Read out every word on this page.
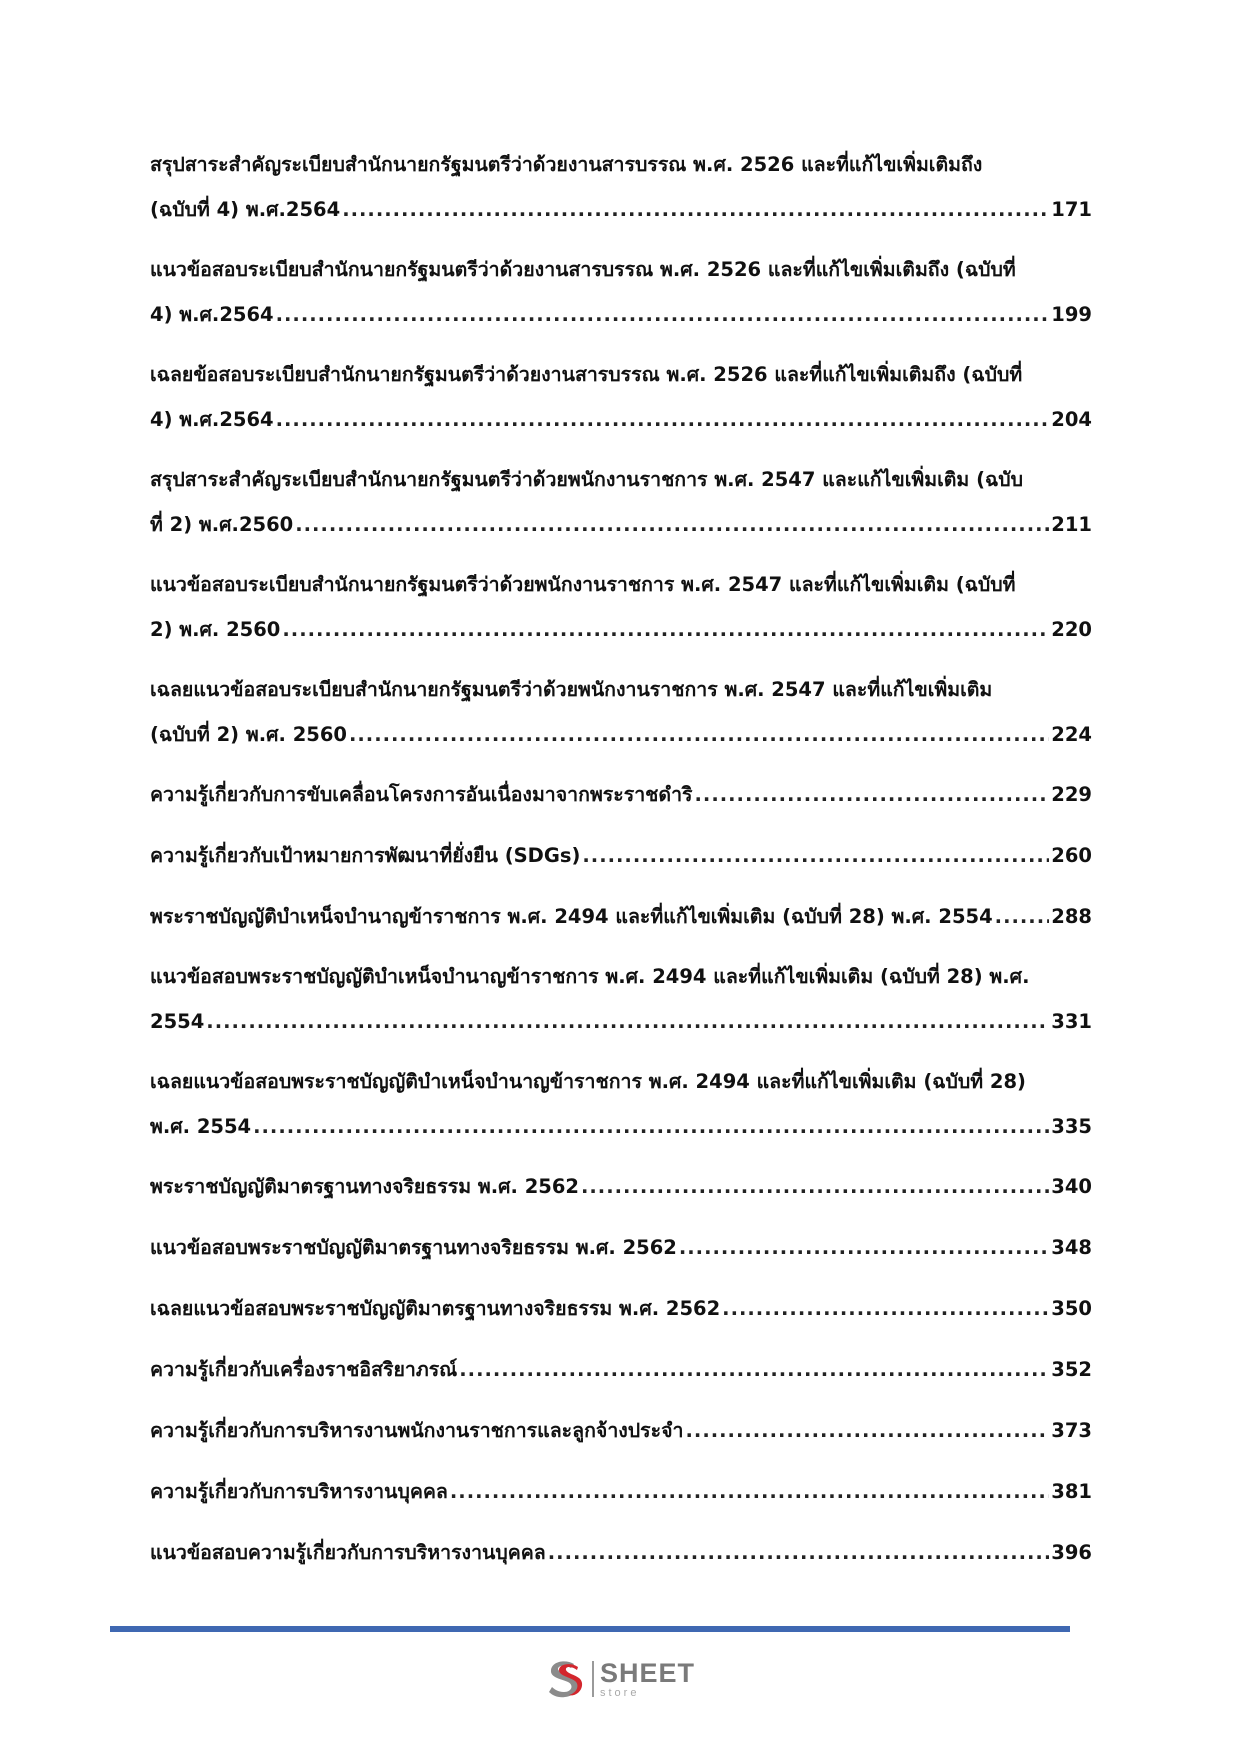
สรุปสาระสำคัญระเบียบสำนักนายกรัฐมนตรีว่าด้วยงานสารบรรณ พ.ศ. 2526 และที่แก้ไขเพิ่มเติมถึง
(ฉบับที่ 4) พ.ศ.2564 .....	171
แนวข้อสอบระเบียบสำนักนายกรัฐมนตรีว่าด้วยงานสารบรรณ พ.ศ. 2526 และที่แก้ไขเพิ่มเติมถึง (ฉบับที่
4) พ.ศ.2564 .....	199
เฉลยข้อสอบระเบียบสำนักนายกรัฐมนตรีว่าด้วยงานสารบรรณ พ.ศ. 2526 และที่แก้ไขเพิ่มเติมถึง (ฉบับที่
4) พ.ศ.2564 .....	204
สรุปสาระสำคัญระเบียบสำนักนายกรัฐมนตรีว่าด้วยพนักงานราชการ พ.ศ. 2547 และแก้ไขเพิ่มเติม (ฉบับ
ที่ 2) พ.ศ.2560 .....	211
แนวข้อสอบระเบียบสำนักนายกรัฐมนตรีว่าด้วยพนักงานราชการ พ.ศ. 2547 และที่แก้ไขเพิ่มเติม (ฉบับที่
2) พ.ศ. 2560 .....	220
เฉลยแนวข้อสอบระเบียบสำนักนายกรัฐมนตรีว่าด้วยพนักงานราชการ พ.ศ. 2547 และที่แก้ไขเพิ่มเติม
(ฉบับที่ 2) พ.ศ. 2560 .....	224
ความรู้เกี่ยวกับการขับเคลื่อนโครงการอันเนื่องมาจากพระราชดำริ .....	229
ความรู้เกี่ยวกับเป้าหมายการพัฒนาที่ยั่งยืน (SDGs) .....	260
พระราชบัญญัติบำเหน็จบำนาญข้าราชการ พ.ศ. 2494 และที่แก้ไขเพิ่มเติม (ฉบับที่ 28) พ.ศ. 2554 .....	288
แนวข้อสอบพระราชบัญญัติบำเหน็จบำนาญข้าราชการ พ.ศ. 2494 และที่แก้ไขเพิ่มเติม (ฉบับที่ 28) พ.ศ.
2554 .....	331
เฉลยแนวข้อสอบพระราชบัญญัติบำเหน็จบำนาญข้าราชการ พ.ศ. 2494 และที่แก้ไขเพิ่มเติม (ฉบับที่ 28)
พ.ศ. 2554 .....	335
พระราชบัญญัติมาตรฐานทางจริยธรรม พ.ศ. 2562 .....	340
แนวข้อสอบพระราชบัญญัติมาตรฐานทางจริยธรรม พ.ศ. 2562 .....	348
เฉลยแนวข้อสอบพระราชบัญญัติมาตรฐานทางจริยธรรม พ.ศ. 2562 .....	350
ความรู้เกี่ยวกับเครื่องราชอิสริยาภรณ์ .....	352
ความรู้เกี่ยวกับการบริหารงานพนักงานราชการและลูกจ้างประจำ .....	373
ความรู้เกี่ยวกับการบริหารงานบุคคล .....	381
แนวข้อสอบความรู้เกี่ยวกับการบริหารงานบุคคล .....	396
SHEET
store
